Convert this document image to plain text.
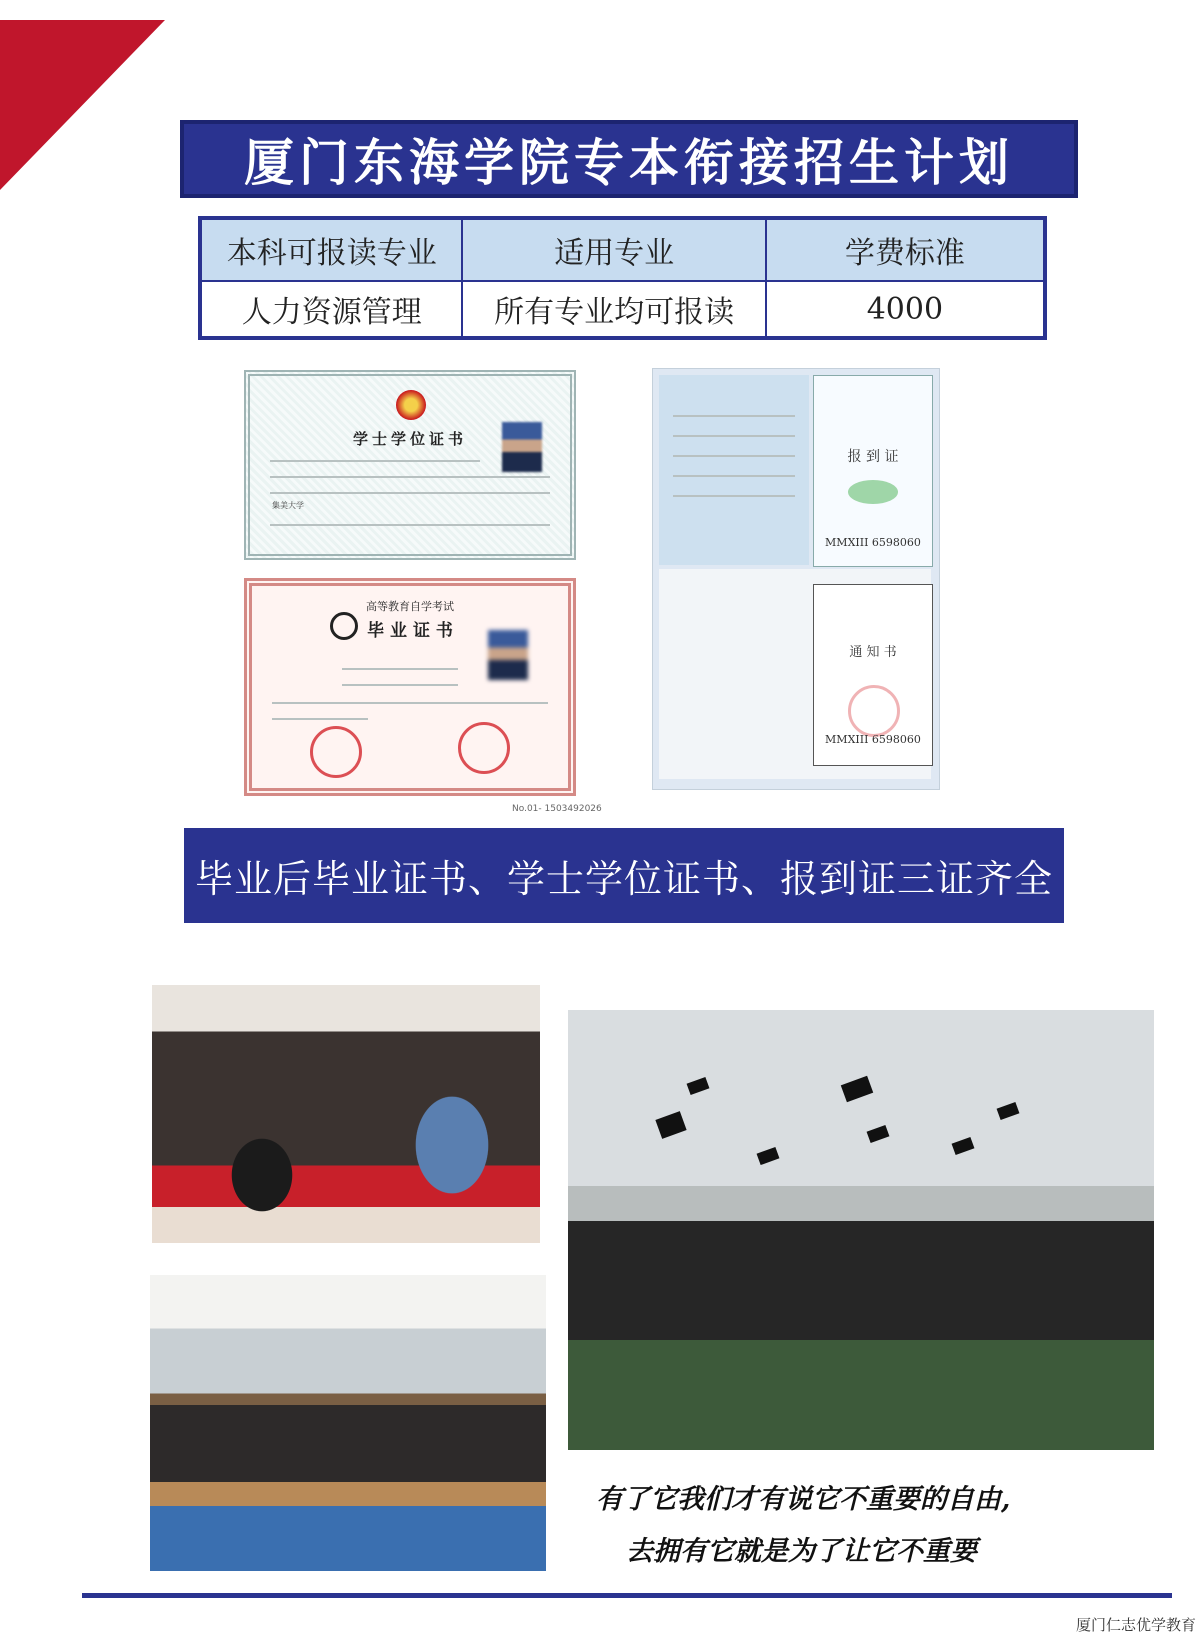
厦门东海学院专本衔接招生计划
本科可报读专业	适用专业	学费标准
人力资源管理	所有专业均可报读	4000
学士学位证书
集美大学
高等教育自学考试
毕 业 证 书
报 到 证
MMXIII 6598060
通 知 书
MMXIII 6598060
No.01- 1503492026
毕业后毕业证书、学士学位证书、报到证三证齐全
有了它我们才有说它不重要的自由,
去拥有它就是为了让它不重要
厦门仁志优学教育
